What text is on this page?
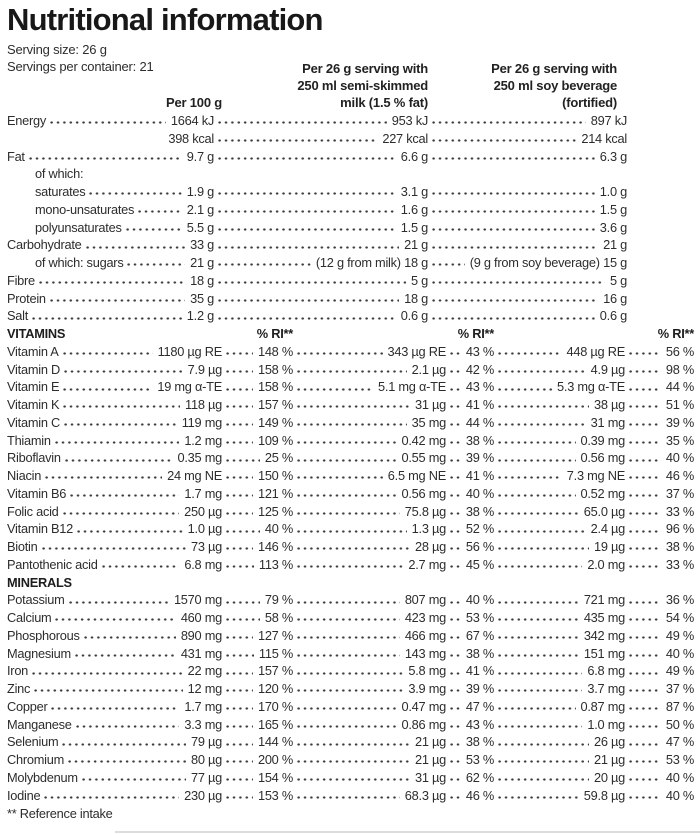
Nutritional information
Serving size: 26 g
Servings per container: 21
Per 100 g
Per 26 g serving with
250 ml semi-skimmed
milk (1.5 % fat)
Per 26 g serving with
250 ml soy beverage
(fortified)
Energy	1664 kJ	953 kJ	897 kJ
398 kcal	227 kcal	214 kcal
Fat	9.7 g	6.6 g	6.3 g
of which:
saturates	1.9 g	3.1 g	1.0 g
mono-unsaturates	2.1 g	1.6 g	1.5 g
polyunsaturates	5.5 g	1.5 g	3.6 g
Carbohydrate	33 g	21 g	21 g
of which: sugars	21 g	(12 g from milk) 18 g	(9 g from soy beverage) 15 g
Fibre	18 g	5 g	5 g
Protein	35 g	18 g	16 g
Salt	1.2 g	0.6 g	0.6 g
VITAMINS	% RI**	% RI**	% RI**
Vitamin A	1180 µg RE	148 %	343 µg RE 43 %	448 µg RE	56 %
Vitamin D	7.9 µg	158 %	2.1 µg 42 %	4.9 µg	98 %
Vitamin E	19 mg α-TE	158 %	5.1 mg α-TE 43 %	5.3 mg α-TE	44 %
Vitamin K	118 µg	157 %	31 µg 41 %	38 µg	51 %
Vitamin C	119 mg	149 %	35 mg 44 %	31 mg	39 %
Thiamin	1.2 mg	109 %	0.42 mg 38 %	0.39 mg	35 %
Riboflavin	0.35 mg	25 %	0.55 mg 39 %	0.56 mg	40 %
Niacin	24 mg NE	150 %	6.5 mg NE 41 %	7.3 mg NE	46 %
Vitamin B6	1.7 mg	121 %	0.56 mg 40 %	0.52 mg	37 %
Folic acid	250 µg	125 %	75.8 µg 38 %	65.0 µg	33 %
Vitamin B12	1.0 µg	40 %	1.3 µg 52 %	2.4 µg	96 %
Biotin	73 µg	146 %	28 µg 56 %	19 µg	38 %
Pantothenic acid	6.8 mg	113 %	2.7 mg 45 %	2.0 mg	33 %
MINERALS
Potassium	1570 mg	79 %	807 mg 40 %	721 mg	36 %
Calcium	460 mg	58 %	423 mg 53 %	435 mg	54 %
Phosphorous	890 mg	127 %	466 mg 67 %	342 mg	49 %
Magnesium	431 mg	115 %	143 mg 38 %	151 mg	40 %
Iron	22 mg	157 %	5.8 mg 41 %	6.8 mg	49 %
Zinc	12 mg	120 %	3.9 mg 39 %	3.7 mg	37 %
Copper	1.7 mg	170 %	0.47 mg 47 %	0.87 mg	87 %
Manganese	3.3 mg	165 %	0.86 mg 43 %	1.0 mg	50 %
Selenium	79 µg	144 %	21 µg 38 %	26 µg	47 %
Chromium	80 µg	200 %	21 µg 53 %	21 µg	53 %
Molybdenum	77 µg	154 %	31 µg 62 %	20 µg	40 %
Iodine	230 µg	153 %	68.3 µg 46 %	59.8 µg	40 %
** Reference intake
